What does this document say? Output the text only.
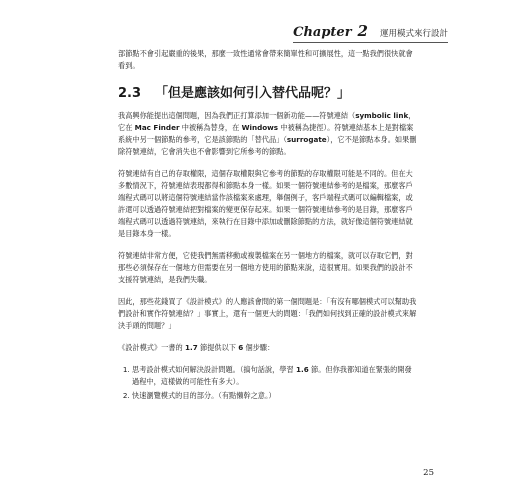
Chapter 2 運用模式來行設計

部節點不會引起嚴重的後果，那麼一致性通常會帶來簡單性和可擴展性，這一點我們很快就會看到。

2.3 「但是應該如何引入替代品呢？」

我高興你能提出這個問題，因為我們正打算添加一個新功能——符號連結（symbolic link，它在 Mac Finder 中被稱為替身，在 Windows 中被稱為捷徑）。符號連結基本上是對檔案系統中另一個節點的參考，它是該節點的「替代品」（surrogate），它不是節點本身。如果刪除符號連結，它會消失也不會影響到它所參考的節點。

符號連結有自己的存取權限，這個存取權限與它參考的節點的存取權限可能是不同的。但在大多數情況下，符號連結表現都得和節點本身一樣。如果一個符號連結參考的是檔案，那麼客戶端程式碼可以將這個符號連結當作該檔案來處理，舉個例子，客戶端程式碼可以編輯檔案，或許還可以透過符號連結把對檔案的變更保存起來。如果一個符號連結參考的是目錄，那麼客戶端程式碼可以透過符號連結，來執行在目錄中添加或刪除節點的方法，就好像這個符號連結就是目錄本身一樣。

符號連結非常方便，它使我們無需移動或複製檔案在另一個地方的檔案，就可以存取它們，對那些必須保存在一個地方但需要在另一個地方使用的節點來說，這很實用。如果我們的設計不支援符號連結，是我們失職。

因此，那些花錢買了《設計模式》的人應該會問的第一個問題是：「有沒有哪個模式可以幫助我們設計和實作符號連結？」事實上，還有一個更大的問題：「我們如何找到正確的設計模式來解決手頭的問題？」

《設計模式》一書的 1.7 節提供以下 6 個步驟：

1. 思考設計模式如何解決設計問題。（搞句話說，學習 1.6 節。但你我都知道在緊張的開發過程中，這樣做的可能性有多大）。
2. 快速瀏覽模式的目的部分。（有點懶幹之意。）
25
